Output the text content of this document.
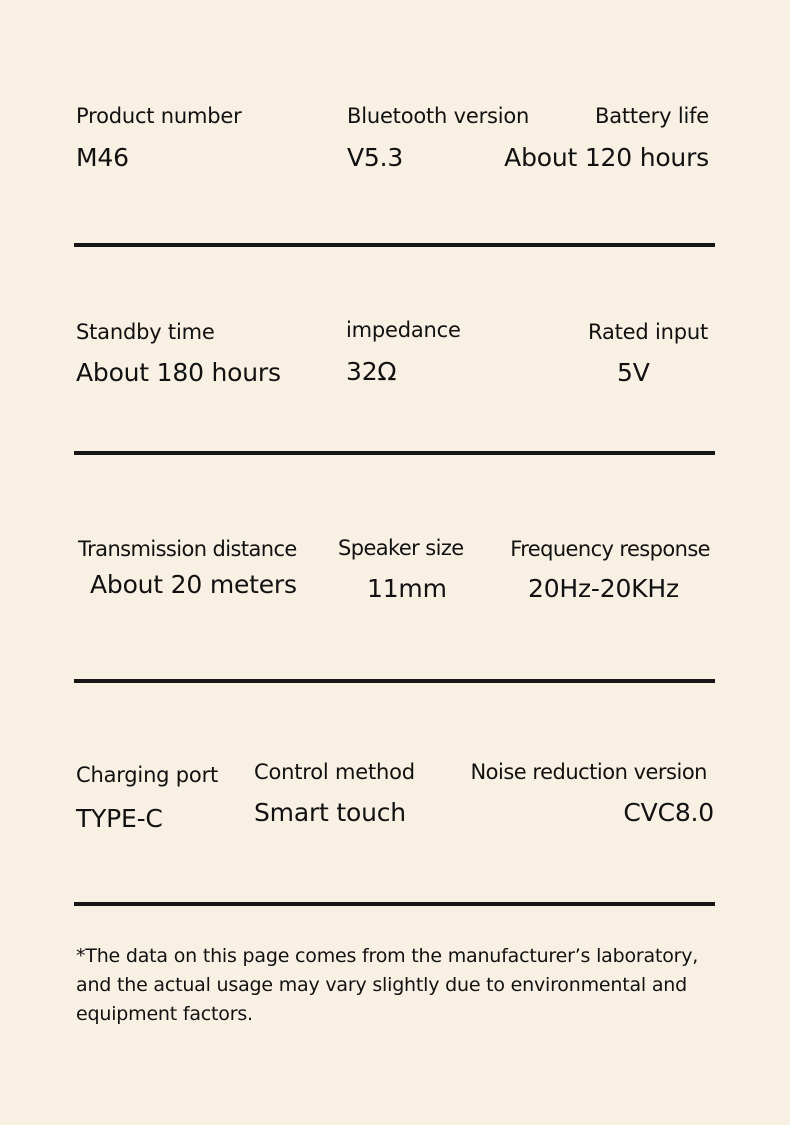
Product number
M46
Bluetooth version
V5.3
Battery life
About 120 hours
Standby time
About 180 hours
impedance
32Ω
Rated input
5V
Transmission distance
About 20 meters
Speaker size
11mm
Frequency response
20Hz-20KHz
Charging port
TYPE-C
Control method
Smart touch
Noise reduction version
CVC8.0
*The data on this page comes from the manufacturer’s laboratory,
and the actual usage may vary slightly due to environmental and
equipment factors.
